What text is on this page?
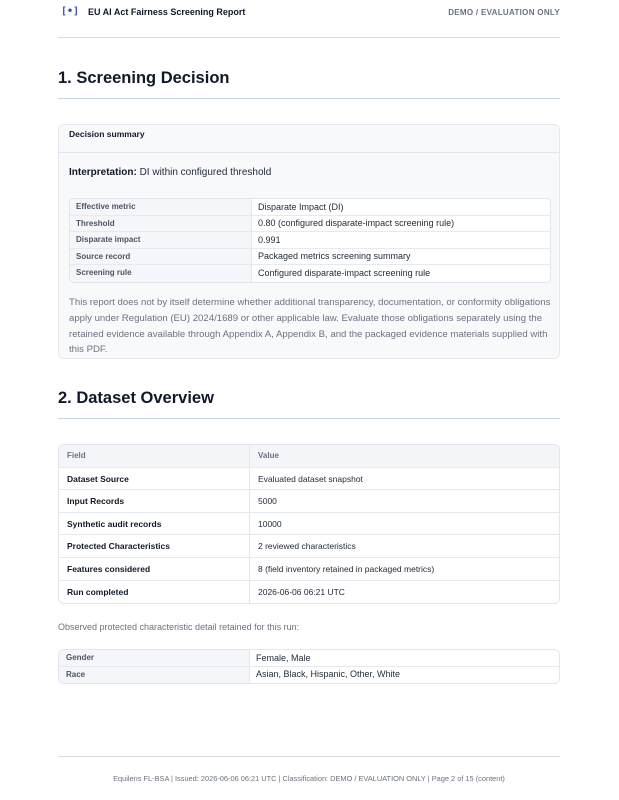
[•] EU AI Act Fairness Screening Report	DEMO / EVALUATION ONLY
1. Screening Decision
Decision summary
Interpretation: DI within configured threshold
Effective metric	Disparate Impact (DI)
Threshold	0.80 (configured disparate-impact screening rule)
Disparate impact	0.991
Source record	Packaged metrics screening summary
Screening rule	Configured disparate-impact screening rule

This report does not by itself determine whether additional transparency, documentation, or conformity obligations apply under Regulation (EU) 2024/1689 or other applicable law. Evaluate those obligations separately using the retained evidence available through Appendix A, Appendix B, and the packaged evidence materials supplied with this PDF.

2. Dataset Overview
Field	Value
Dataset Source	Evaluated dataset snapshot
Input Records	5000
Synthetic audit records	10000
Protected Characteristics	2 reviewed characteristics
Features considered	8 (field inventory retained in packaged metrics)
Run completed	2026-06-06 06:21 UTC

Observed protected characteristic detail retained for this run:

Gender	Female, Male
Race	Asian, Black, Hispanic, Other, White
Equilens FL-BSA | Issued: 2026-06-06 06:21 UTC | Classification: DEMO / EVALUATION ONLY | Page 2 of 15 (content)
